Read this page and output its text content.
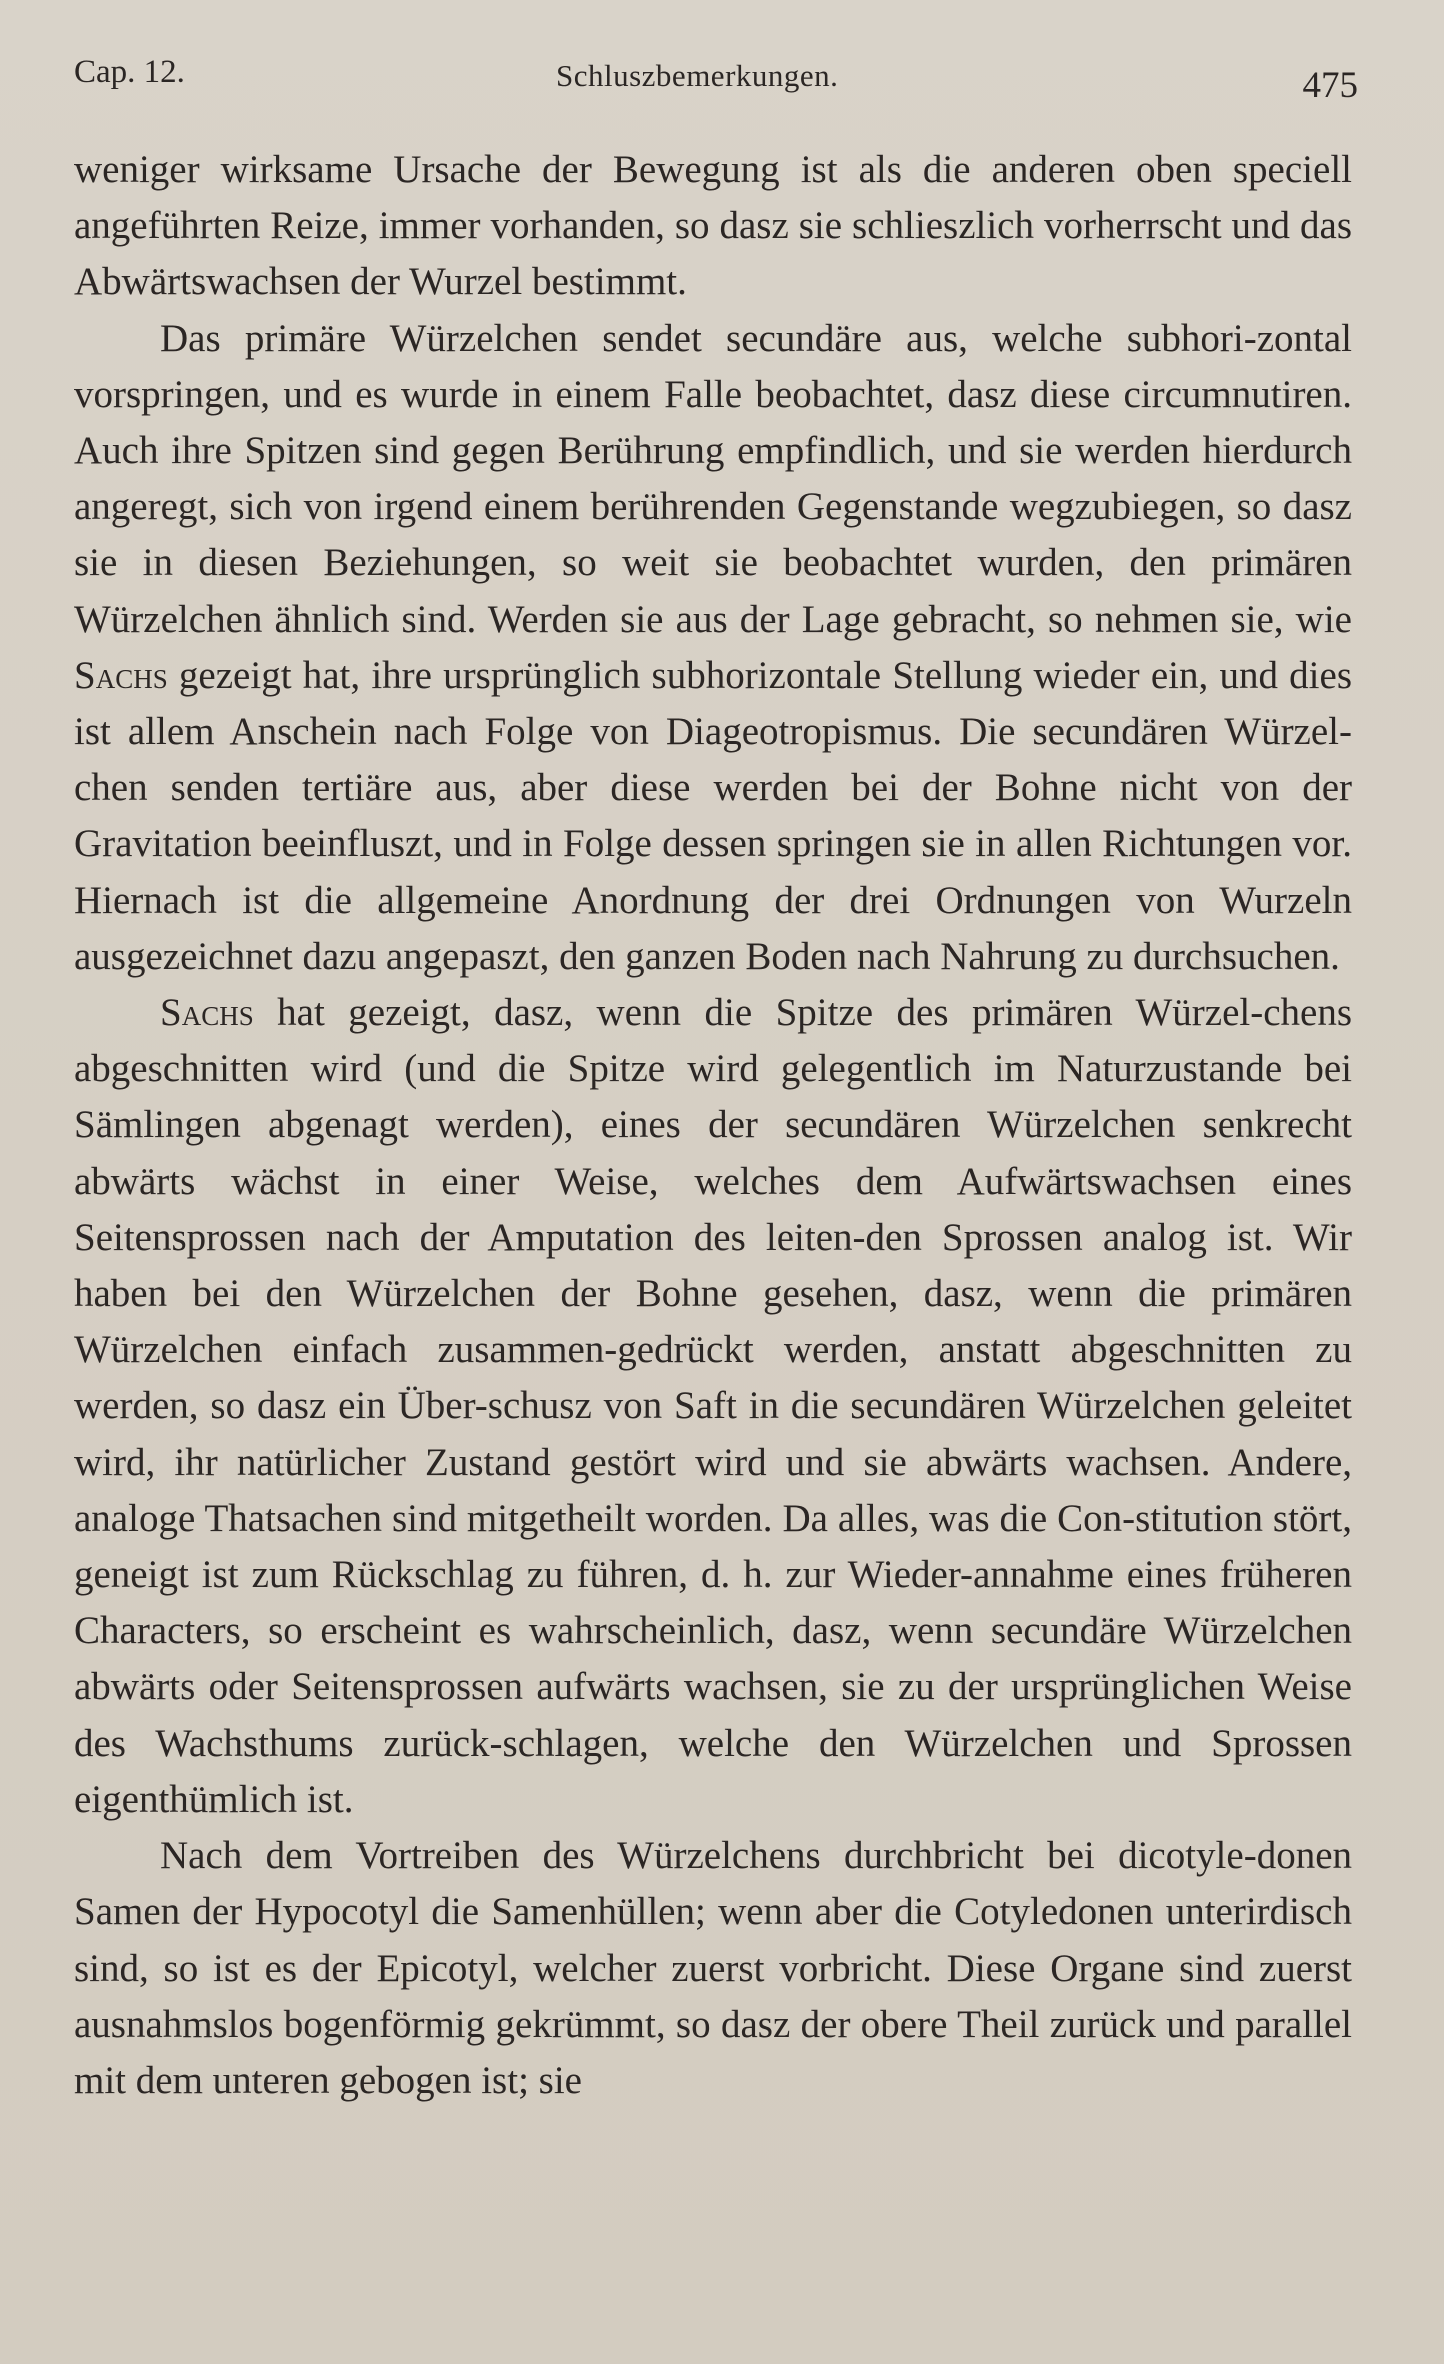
Cap. 12.	Schluszbemerkungen.	475

weniger wirksame Ursache der Bewegung ist als die anderen oben speciell angeführten Reize, immer vorhanden, so dasz sie schlieszlich vorherrscht und das Abwärtswachsen der Wurzel bestimmt.

Das primäre Würzelchen sendet secundäre aus, welche subhori-zontal vorspringen, und es wurde in einem Falle beobachtet, dasz diese circumnutiren. Auch ihre Spitzen sind gegen Berührung empfindlich, und sie werden hierdurch angeregt, sich von irgend einem berührenden Gegenstande wegzubiegen, so dasz sie in diesen Beziehungen, so weit sie beobachtet wurden, den primären Würzelchen ähnlich sind. Werden sie aus der Lage gebracht, so nehmen sie, wie Sachs gezeigt hat, ihre ursprünglich subhorizontale Stellung wieder ein, und dies ist allem Anschein nach Folge von Diageotropismus. Die secundären Würzel-chen senden tertiäre aus, aber diese werden bei der Bohne nicht von der Gravitation beeinfluszt, und in Folge dessen springen sie in allen Richtungen vor. Hiernach ist die allgemeine Anordnung der drei Ordnungen von Wurzeln ausgezeichnet dazu angepaszt, den ganzen Boden nach Nahrung zu durchsuchen.

Sachs hat gezeigt, dasz, wenn die Spitze des primären Würzel-chens abgeschnitten wird (und die Spitze wird gelegentlich im Naturzustande bei Sämlingen abgenagt werden), eines der secundären Würzelchen senkrecht abwärts wächst in einer Weise, welches dem Aufwärtswachsen eines Seitensprossen nach der Amputation des leiten-den Sprossen analog ist. Wir haben bei den Würzelchen der Bohne gesehen, dasz, wenn die primären Würzelchen einfach zusammen-gedrückt werden, anstatt abgeschnitten zu werden, so dasz ein Über-schusz von Saft in die secundären Würzelchen geleitet wird, ihr natürlicher Zustand gestört wird und sie abwärts wachsen. Andere, analoge Thatsachen sind mitgetheilt worden. Da alles, was die Con-stitution stört, geneigt ist zum Rückschlag zu führen, d. h. zur Wieder-annahme eines früheren Characters, so erscheint es wahrscheinlich, dasz, wenn secundäre Würzelchen abwärts oder Seitensprossen aufwärts wachsen, sie zu der ursprünglichen Weise des Wachsthums zurück-schlagen, welche den Würzelchen und Sprossen eigenthümlich ist.

Nach dem Vortreiben des Würzelchens durchbricht bei dicotyle-donen Samen der Hypocotyl die Samenhüllen; wenn aber die Cotyledonen unterirdisch sind, so ist es der Epicotyl, welcher zuerst vorbricht. Diese Organe sind zuerst ausnahmslos bogenförmig gekrümmt, so dasz der obere Theil zurück und parallel mit dem unteren gebogen ist; sie
